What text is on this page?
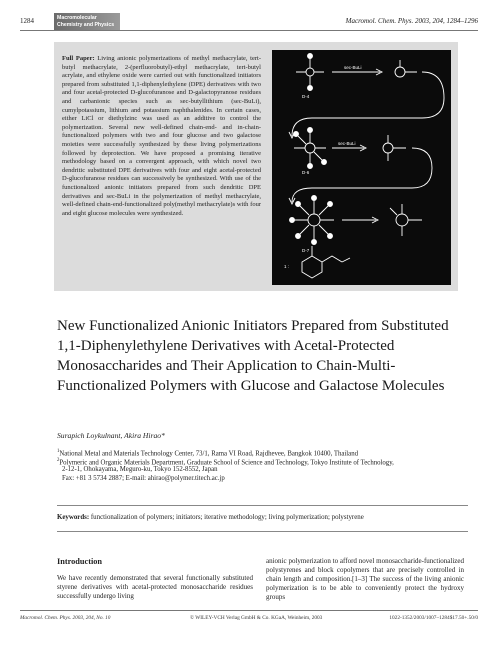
1284	Macromolecular
Chemistry and Physics	Macromol. Chem. Phys. 2003, 204, 1284–1296

Full Paper: Living anionic polymerizations of methyl methacrylate, tert-butyl methacrylate, 2-(perfluorobutyl)-ethyl methacrylate, tert-butyl acrylate, and ethylene oxide were carried out with functionalized initiators prepared from substituted 1,1-diphenylethylene (DPE) derivatives with two and four acetal-protected D-glucofuranose and D-galactopyranose residues and carbanionic species such as sec-butyllithium (sec-BuLi), cumylpotassium, lithium and potassium naphthalenides. In certain cases, either LiCl or diethylzinc was used as an additive to control the polymerization. Several new well-defined chain-end- and in-chain-functionalized polymers with two and four glucose and two galactose moieties were successfully synthesized by these living polymerizations followed by deprotection. We have proposed a promising iterative methodology based on a convergent approach, with which novel two dendritic substituted DPE derivatives with four and eight acetal-protected D-glucofuranose residues can successively be synthesized. With use of the functionalized anionic initiators prepared from such dendritic DPE derivatives and sec-BuLi in the polymerization of methyl methacrylate, well-defined chain-end-functionalized poly(methyl methacrylate)s with four and eight glucose molecules were synthesized.

D-4
D-6
D-7
1 :
sec-BuLi
sec-BuLi
New Functionalized Anionic Initiators Prepared from Substituted 1,1-Diphenylethylene Derivatives with Acetal-Protected Monosaccharides and Their Application to Chain-Multi-Functionalized Polymers with Glucose and Galactose Molecules
Surapich Loykulnant, Akira Hirao*
$^1$National Metal and Materials Technology Center, 73/1, Rama VI Road, Rajdhevee, Bangkok 10400, Thailand
$^2$Polymeric and Organic Materials Department, Graduate School of Science and Technology, Tokyo Institute of Technology,
2-12-1, Ohokayama, Meguro-ku, Tokyo 152-8552, Japan
Fax: +81 3 5734 2887; E-mail: ahirao@polymer.titech.ac.jp
Keywords: functionalization of polymers; initiators; iterative methodology; living polymerization; polystyrene
Introduction

We have recently demonstrated that several functionally substituted styrene derivatives with acetal-protected monosaccharide residues successfully undergo living

anionic polymerization to afford novel monosaccharide-functionalized polystyrenes and block copolymers that are precisely controlled in chain length and composition.[1–3] The success of the living anionic polymerization is to be able to conveniently protect the hydroxy groups

Macromol. Chem. Phys. 2003, 204, No. 10	© WILEY-VCH Verlag GmbH & Co. KGaA, Weinheim, 2003	1022-1352/2003/1007–1284$17.50+.50/0
